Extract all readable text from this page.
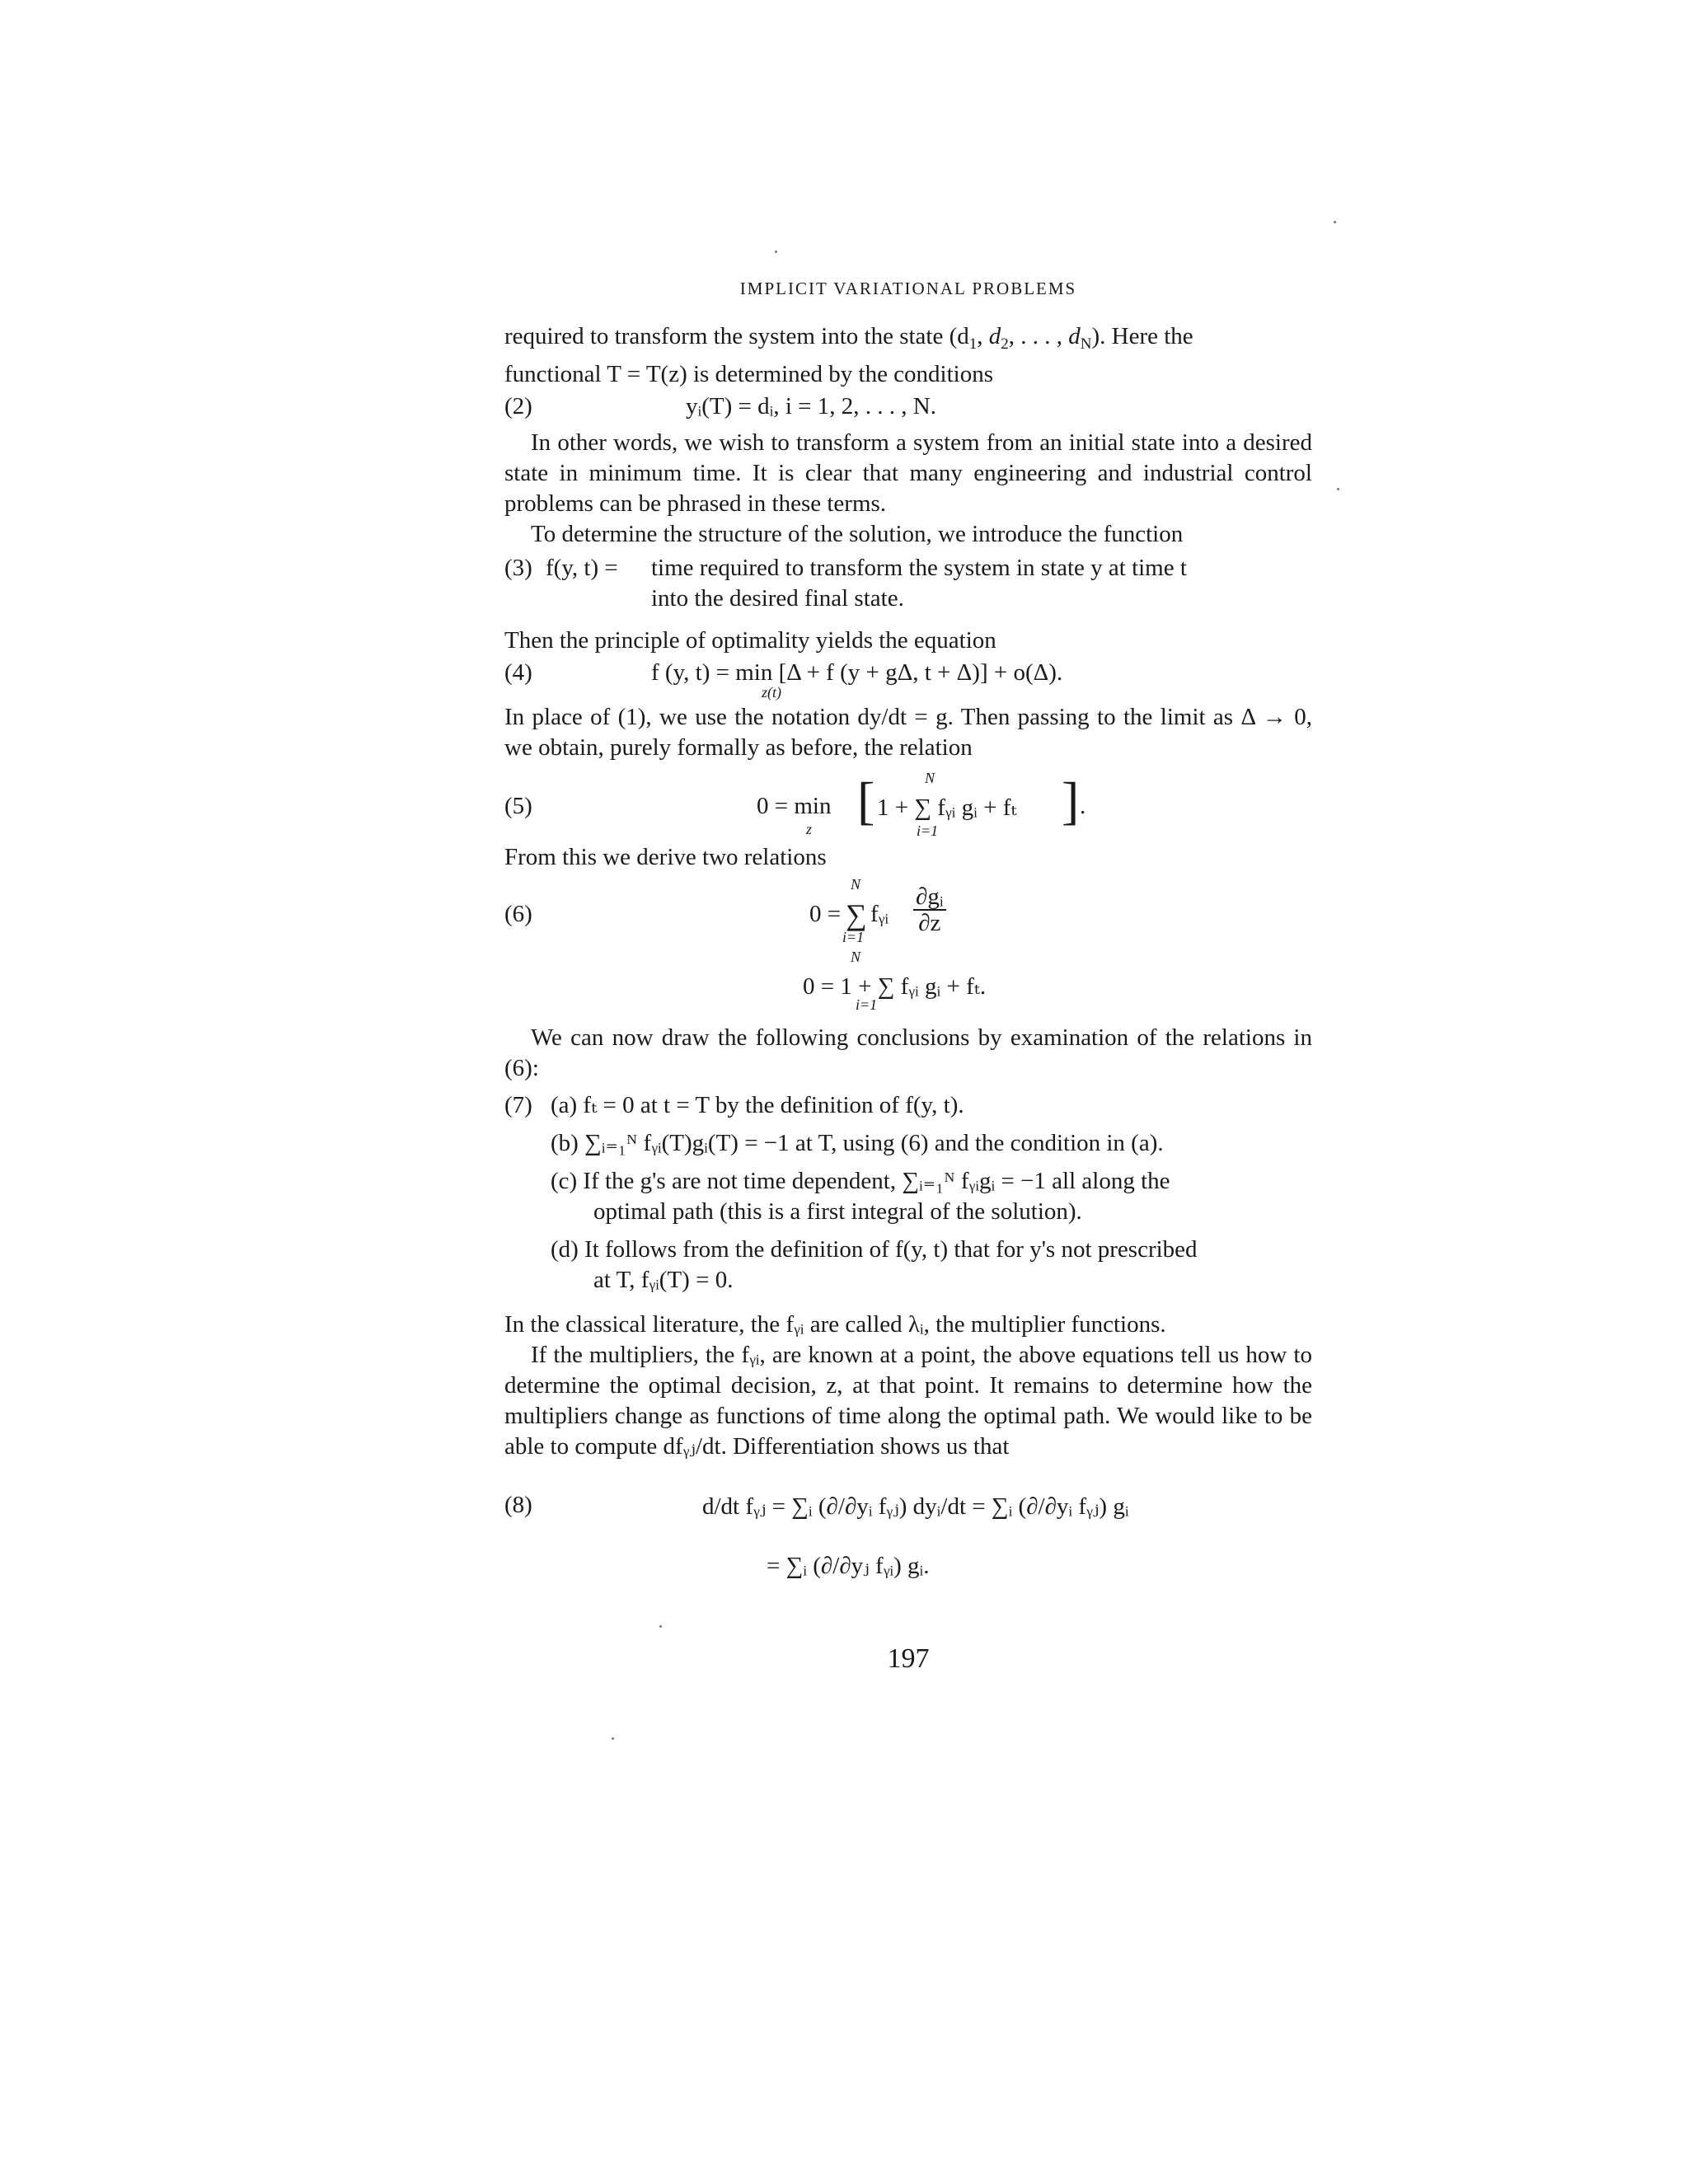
IMPLICIT VARIATIONAL PROBLEMS

required to transform the system into the state ($d_1$, $d_2$, . . . , $d_N$). Here the
functional T = T(z) is determined by the conditions

(2)	yᵢ(T) = dᵢ, i = 1, 2, . . . , N.

In other words, we wish to transform a system from an initial state into a desired state in minimum time. It is clear that many engineering and industrial control problems can be phrased in these terms.

To determine the structure of the solution, we introduce the function

(3) f(y, t) = time required to transform the system in state y at time t
into the desired final state.

Then the principle of optimality yields the equation

(4)	f (y, t) = min [Δ + f (y + gΔ, t + Δ)] + o(Δ).
z(t)

In place of (1), we use the notation dy/dt = g. Then passing to the limit as Δ → 0, we obtain, purely formally as before, the relation

(5)	0 = min
z [ 1 + ∑ fᵧᵢ gᵢ + fₜ
N
i=1
] .

From this we derive two relations

(6)	0 = ∑
N
i=1
fᵧᵢ $\frac{\text{∂gᵢ}}{\partial z}$
N
0 = 1 + ∑ fᵧᵢ gᵢ + fₜ.
i=1

We can now draw the following conclusions by examination of the relations in (6):

(7) (a) fₜ = 0 at t = T by the definition of f(y, t).
(b) ∑ᵢ₌₁ᴺ fᵧᵢ(T)gᵢ(T) = −1 at T, using (6) and the condition in (a).
(c) If the g's are not time dependent, ∑ᵢ₌₁ᴺ fᵧᵢgᵢ = −1 all along the
optimal path (this is a first integral of the solution).
(d) It follows from the definition of f(y, t) that for y's not prescribed
at T, fᵧᵢ(T) = 0.

In the classical literature, the fᵧᵢ are called λᵢ, the multiplier functions.

If the multipliers, the fᵧᵢ, are known at a point, the above equations tell us how to determine the optimal decision, z, at that point. It remains to determine how the multipliers change as functions of time along the optimal path. We would like to be able to compute dfᵧⱼ/dt. Differentiation shows us that

(8)	d/dt fᵧⱼ = ∑ᵢ (∂/∂yᵢ fᵧⱼ) dyᵢ/dt = ∑ᵢ (∂/∂yᵢ fᵧⱼ) gᵢ
= ∑ᵢ (∂/∂yⱼ fᵧᵢ) gᵢ.
197
